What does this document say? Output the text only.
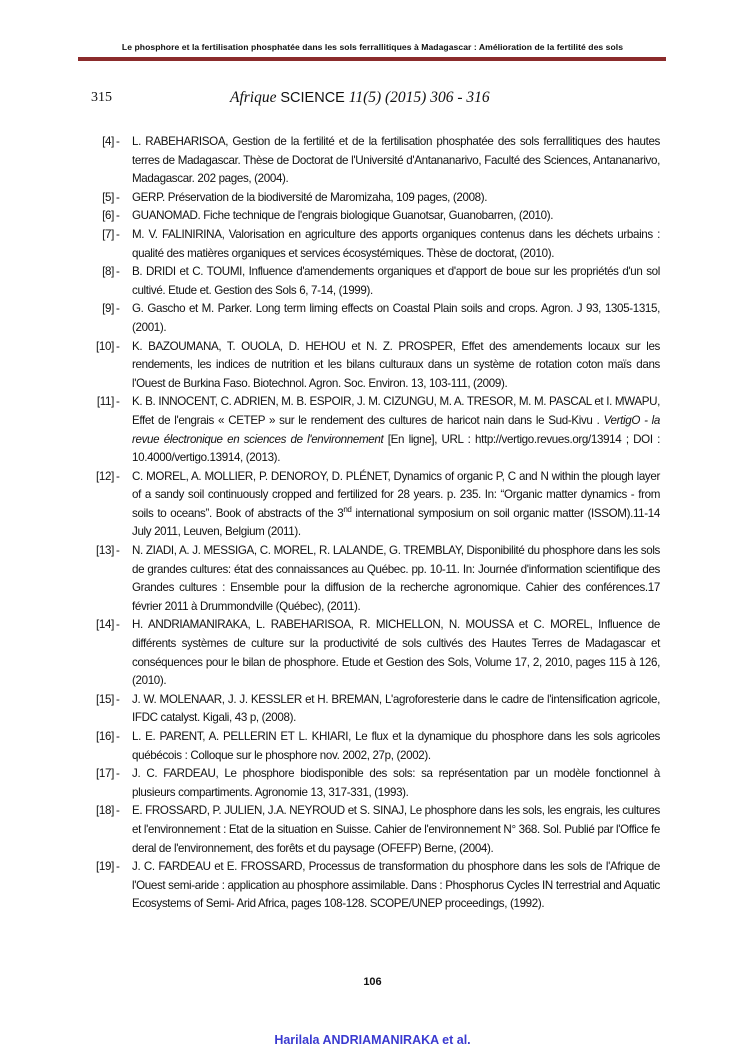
Le phosphore et la fertilisation phosphatée dans les sols ferrallitiques à Madagascar : Amélioration de la fertilité des sols
315	Afrique SCIENCE 11(5) (2015) 306 - 316
[4] - L. RABEHARISOA, Gestion de la fertilité et de la fertilisation phosphatée des sols ferrallitiques des hautes terres de Madagascar. Thèse de Doctorat de l'Université d'Antananarivo, Faculté des Sciences, Antananarivo, Madagascar. 202 pages, (2004).
[5] - GERP. Préservation de la biodiversité de Maromizaha, 109 pages, (2008).
[6] - GUANOMAD. Fiche technique de l'engrais biologique Guanotsar, Guanobarren, (2010).
[7] - M. V. FALINIRINA, Valorisation en agriculture des apports organiques contenus dans les déchets urbains : qualité des matières organiques et services écosystémiques. Thèse de doctorat, (2010).
[8] - B. DRIDI et C. TOUMI, Influence d'amendements organiques et d'apport de boue sur les propriétés d'un sol cultivé. Etude et. Gestion des Sols 6, 7-14, (1999).
[9] - G. Gascho et M. Parker. Long term liming effects on Coastal Plain soils and crops. Agron. J 93, 1305-1315, (2001).
[10] - K. BAZOUMANA, T. OUOLA, D. HEHOU et N. Z. PROSPER, Effet des amendements locaux sur les rendements, les indices de nutrition et les bilans culturaux dans un système de rotation coton maïs dans l'Ouest de Burkina Faso. Biotechnol. Agron. Soc. Environ. 13, 103-111, (2009).
[11] - K. B. INNOCENT, C. ADRIEN, M. B. ESPOIR, J. M. CIZUNGU, M. A. TRESOR, M. M. PASCAL et I. MWAPU, Effet de l'engrais « CETEP » sur le rendement des cultures de haricot nain dans le Sud-Kivu . VertigO - la revue électronique en sciences de l'environnement [En ligne], URL : http://vertigo.revues.org/13914 ; DOI : 10.4000/vertigo.13914, (2013).
[12] - C. MOREL, A. MOLLIER, P. DENOROY, D. PLÉNET, Dynamics of organic P, C and N within the plough layer of a sandy soil continuously cropped and fertilized for 28 years. p. 235. In: “Organic matter dynamics - from soils to oceans”. Book of abstracts of the 3nd international symposium on soil organic matter (ISSOM).11-14 July 2011, Leuven, Belgium (2011).
[13] - N. ZIADI, A. J. MESSIGA, C. MOREL, R. LALANDE, G. TREMBLAY, Disponibilité du phosphore dans les sols de grandes cultures: état des connaissances au Québec. pp. 10-11. In: Journée d'information scientifique des Grandes cultures : Ensemble pour la diffusion de la recherche agronomique. Cahier des conférences.17 février 2011 à Drummondville (Québec), (2011).
[14] - H. ANDRIAMANIRAKA, L. RABEHARISOA, R. MICHELLON, N. MOUSSA et C. MOREL, Influence de différents systèmes de culture sur la productivité de sols cultivés des Hautes Terres de Madagascar et conséquences pour le bilan de phosphore. Etude et Gestion des Sols, Volume 17, 2, 2010, pages 115 à 126, (2010).
[15] - J. W. MOLENAAR, J. J. KESSLER et H. BREMAN, L'agroforesterie dans le cadre de l'intensification agricole, IFDC catalyst. Kigali, 43 p, (2008).
[16] - L. E. PARENT, A. PELLERIN ET L. KHIARI, Le flux et la dynamique du phosphore dans les sols agricoles québécois : Colloque sur le phosphore nov. 2002, 27p, (2002).
[17] - J. C. FARDEAU, Le phosphore biodisponible des sols: sa représentation par un modèle fonctionnel à plusieurs compartiments. Agronomie 13, 317-331, (1993).
[18] - E. FROSSARD, P. JULIEN, J.A. NEYROUD et S. SINAJ, Le phosphore dans les sols, les engrais, les cultures et l'environnement : Etat de la situation en Suisse. Cahier de l'environnement N° 368. Sol. Publié par l'Office fe deral de l'environnement, des forêts et du paysage (OFEFP) Berne, (2004).
[19] - J. C. FARDEAU et E. FROSSARD, Processus de transformation du phosphore dans les sols de l'Afrique de l'Ouest semi-aride : application au phosphore assimilable. Dans : Phosphorus Cycles IN terrestrial and Aquatic Ecosystems of Semi- Arid Africa, pages 108-128. SCOPE/UNEP proceedings, (1992).
106
Harilala ANDRIAMANIRAKA et al.
